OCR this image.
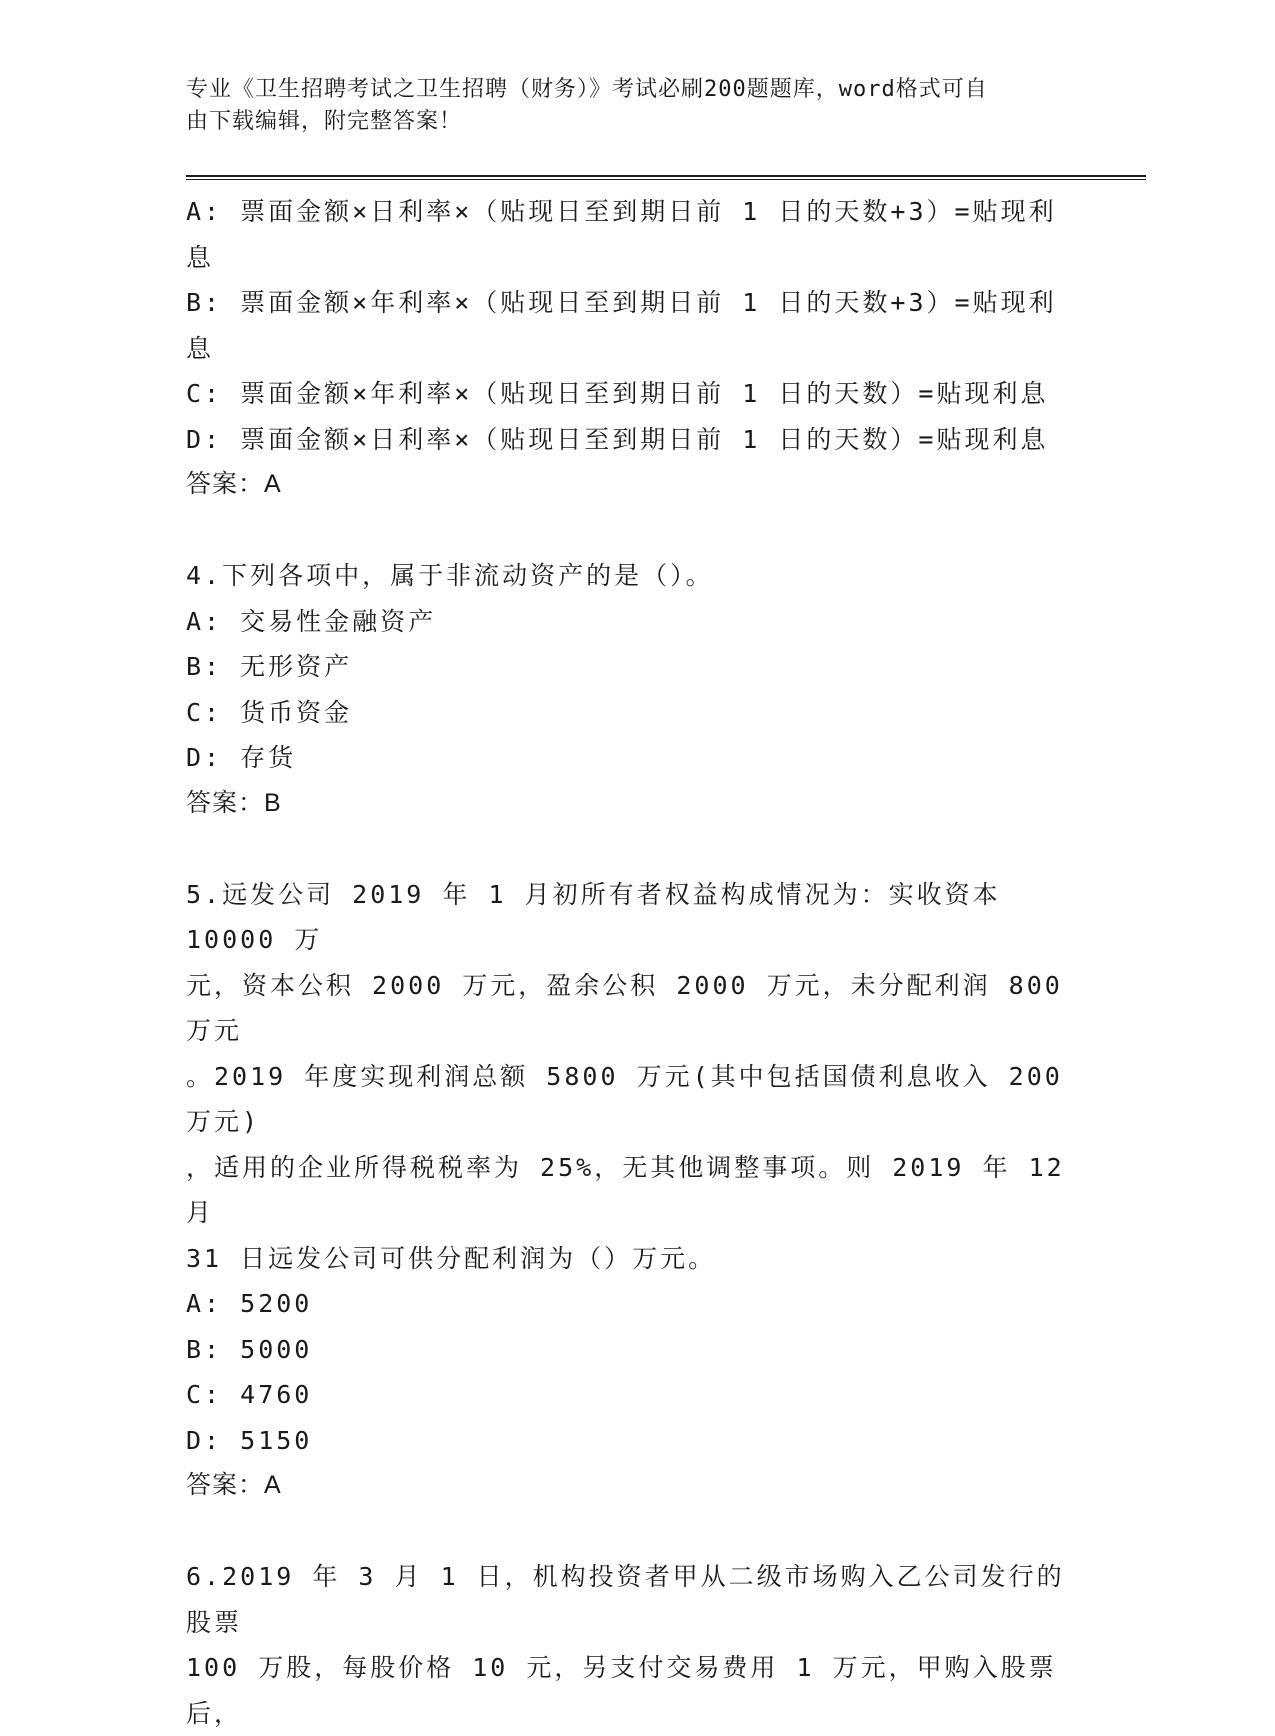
专业《卫生招聘考试之卫生招聘（财务）》考试必刷200题题库，word格式可自
由下载编辑，附完整答案！

A: 票面金额×日利率×（贴现日至到期日前 1 日的天数+3）=贴现利

息

B: 票面金额×年利率×（贴现日至到期日前 1 日的天数+3）=贴现利

息

C: 票面金额×年利率×（贴现日至到期日前 1 日的天数）=贴现利息

D: 票面金额×日利率×（贴现日至到期日前 1 日的天数）=贴现利息

答案：A

4.下列各项中，属于非流动资产的是（）。

A: 交易性金融资产

B: 无形资产

C: 货币资金

D: 存货

答案：B

5.远发公司 2019 年 1 月初所有者权益构成情况为：实收资本 10000 万

元，资本公积 2000 万元，盈余公积 2000 万元，未分配利润 800 万元

。2019 年度实现利润总额 5800 万元(其中包括国债利息收入 200 万元)

，适用的企业所得税税率为 25%，无其他调整事项。则 2019 年 12 月

31 日远发公司可供分配利润为（）万元。

A: 5200

B: 5000

C: 4760

D: 5150

答案：A

6.2019 年 3 月 1 日，机构投资者甲从二级市场购入乙公司发行的股票

100 万股，每股价格 10 元，另支付交易费用 1 万元，甲购入股票后，
